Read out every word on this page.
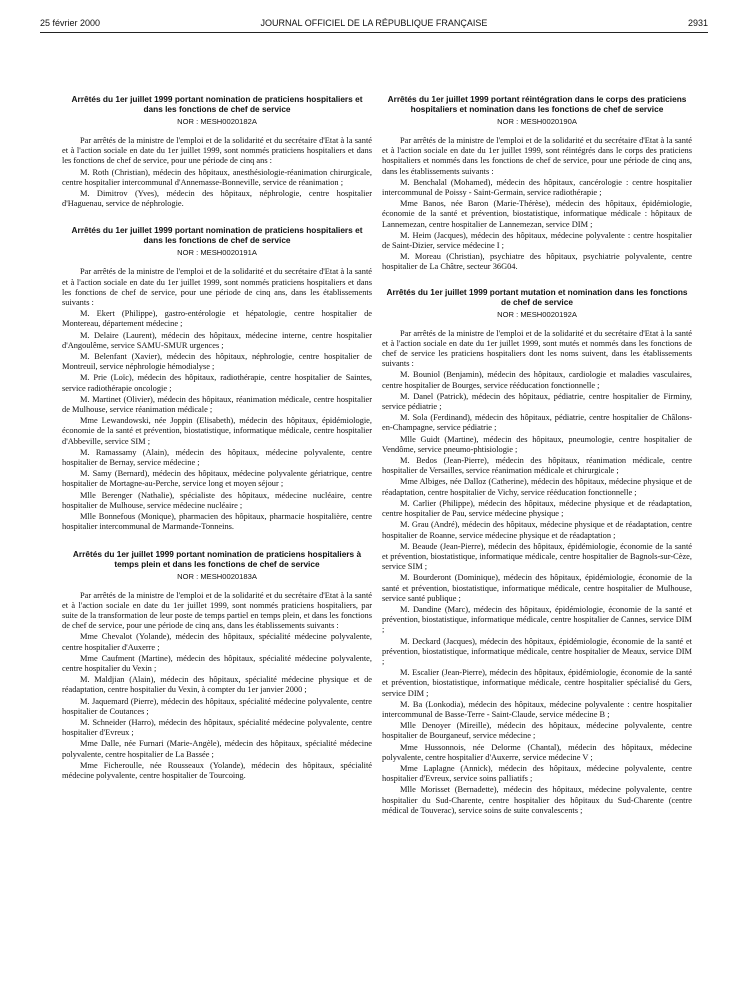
25 février 2000	JOURNAL OFFICIEL DE LA RÉPUBLIQUE FRANÇAISE	2931
Arrêtés du 1er juillet 1999 portant nomination de praticiens hospitaliers et dans les fonctions de chef de service
NOR : MESH0020182A

Par arrêtés de la ministre de l'emploi et de la solidarité et du secrétaire d'Etat à la santé et à l'action sociale en date du 1er juillet 1999, sont nommés praticiens hospitaliers et dans les fonctions de chef de service, pour une période de cinq ans :

M. Roth (Christian), médecin des hôpitaux, anesthésiologie-réanimation chirurgicale, centre hospitalier intercommunal d'Annemasse-Bonneville, service de réanimation ;

M. Dimitrov (Yves), médecin des hôpitaux, néphrologie, centre hospitalier d'Haguenau, service de néphrologie.

Arrêtés du 1er juillet 1999 portant nomination de praticiens hospitaliers et dans les fonctions de chef de service
NOR : MESH0020191A

Par arrêtés de la ministre de l'emploi et de la solidarité et du secrétaire d'Etat à la santé et à l'action sociale en date du 1er juillet 1999, sont nommés praticiens hospitaliers et dans les fonctions de chef de service, pour une période de cinq ans, dans les établissements suivants :

M. Ekert (Philippe), gastro-entérologie et hépatologie, centre hospitalier de Montereau, département médecine ;

M. Delaire (Laurent), médecin des hôpitaux, médecine interne, centre hospitalier d'Angoulême, service SAMU-SMUR urgences ;

M. Belenfant (Xavier), médecin des hôpitaux, néphrologie, centre hospitalier de Montreuil, service néphrologie hémodialyse ;

M. Prie (Loïc), médecin des hôpitaux, radiothérapie, centre hospitalier de Saintes, service radiothérapie oncologie ;

M. Martinet (Olivier), médecin des hôpitaux, réanimation médicale, centre hospitalier de Mulhouse, service réanimation médicale ;

Mme Lewandowski, née Joppin (Elisabeth), médecin des hôpitaux, épidémiologie, économie de la santé et prévention, biostatistique, informatique médicale, centre hospitalier d'Abbeville, service SIM ;

M. Ramassamy (Alain), médecin des hôpitaux, médecine polyvalente, centre hospitalier de Bernay, service médecine ;

M. Samy (Bernard), médecin des hôpitaux, médecine polyvalente gériatrique, centre hospitalier de Mortagne-au-Perche, service long et moyen séjour ;

Mlle Berenger (Nathalie), spécialiste des hôpitaux, médecine nucléaire, centre hospitalier de Mulhouse, service médecine nucléaire ;

Mlle Bonnefous (Monique), pharmacien des hôpitaux, pharmacie hospitalière, centre hospitalier intercommunal de Marmande-Tonneins.

Arrêtés du 1er juillet 1999 portant nomination de praticiens hospitaliers à temps plein et dans les fonctions de chef de service
NOR : MESH0020183A

Par arrêtés de la ministre de l'emploi et de la solidarité et du secrétaire d'Etat à la santé et à l'action sociale en date du 1er juillet 1999, sont nommés praticiens hospitaliers, par suite de la transformation de leur poste de temps partiel en temps plein, et dans les fonctions de chef de service, pour une période de cinq ans, dans les établissements suivants :

Mme Chevalot (Yolande), médecin des hôpitaux, spécialité médecine polyvalente, centre hospitalier d'Auxerre ;

Mme Caufment (Martine), médecin des hôpitaux, spécialité médecine polyvalente, centre hospitalier du Vexin ;

M. Maldjian (Alain), médecin des hôpitaux, spécialité médecine physique et de réadaptation, centre hospitalier du Vexin, à compter du 1er janvier 2000 ;

M. Jaquemard (Pierre), médecin des hôpitaux, spécialité médecine polyvalente, centre hospitalier de Coutances ;

M. Schneider (Harro), médecin des hôpitaux, spécialité médecine polyvalente, centre hospitalier d'Evreux ;

Mme Dalle, née Furnari (Marie-Angèle), médecin des hôpitaux, spécialité médecine polyvalente, centre hospitalier de La Bassée ;

Mme Ficheroulle, née Rousseaux (Yolande), médecin des hôpitaux, spécialité médecine polyvalente, centre hospitalier de Tourcoing.

Arrêtés du 1er juillet 1999 portant réintégration dans le corps des praticiens hospitaliers et nomination dans les fonctions de chef de service
NOR : MESH0020190A

Par arrêtés de la ministre de l'emploi et de la solidarité et du secrétaire d'Etat à la santé et à l'action sociale en date du 1er juillet 1999, sont réintégrés dans le corps des praticiens hospitaliers et nommés dans les fonctions de chef de service, pour une période de cinq ans, dans les établissements suivants :

M. Benchalal (Mohamed), médecin des hôpitaux, cancérologie : centre hospitalier intercommunal de Poissy - Saint-Germain, service radiothérapie ;

Mme Banos, née Baron (Marie-Thérèse), médecin des hôpitaux, épidémiologie, économie de la santé et prévention, biostatistique, informatique médicale : hôpitaux de Lannemezan, centre hospitalier de Lannemezan, service DIM ;

M. Heim (Jacques), médecin des hôpitaux, médecine polyvalente : centre hospitalier de Saint-Dizier, service médecine I ;

M. Moreau (Christian), psychiatre des hôpitaux, psychiatrie polyvalente, centre hospitalier de La Châtre, secteur 36G04.

Arrêtés du 1er juillet 1999 portant mutation et nomination dans les fonctions de chef de service
NOR : MESH0020192A

Par arrêtés de la ministre de l'emploi et de la solidarité et du secrétaire d'Etat à la santé et à l'action sociale en date du 1er juillet 1999, sont mutés et nommés dans les fonctions de chef de service les praticiens hospitaliers dont les noms suivent, dans les établissements suivants :

M. Bouniol (Benjamin), médecin des hôpitaux, cardiologie et maladies vasculaires, centre hospitalier de Bourges, service rééducation fonctionnelle ;

M. Danel (Patrick), médecin des hôpitaux, pédiatrie, centre hospitalier de Firminy, service pédiatrie ;

M. Sola (Ferdinand), médecin des hôpitaux, pédiatrie, centre hospitalier de Châlons-en-Champagne, service pédiatrie ;

Mlle Guidt (Martine), médecin des hôpitaux, pneumologie, centre hospitalier de Vendôme, service pneumo-phtisiologie ;

M. Bedos (Jean-Pierre), médecin des hôpitaux, réanimation médicale, centre hospitalier de Versailles, service réanimation médicale et chirurgicale ;

Mme Albiges, née Dalloz (Catherine), médecin des hôpitaux, médecine physique et de réadaptation, centre hospitalier de Vichy, service rééducation fonctionnelle ;

M. Carlier (Philippe), médecin des hôpitaux, médecine physique et de réadaptation, centre hospitalier de Pau, service médecine physique ;

M. Grau (André), médecin des hôpitaux, médecine physique et de réadaptation, centre hospitalier de Roanne, service médecine physique et de réadaptation ;

M. Beaude (Jean-Pierre), médecin des hôpitaux, épidémiologie, économie de la santé et prévention, biostatistique, informatique médicale, centre hospitalier de Bagnols-sur-Cèze, service SIM ;

M. Bourderont (Dominique), médecin des hôpitaux, épidémiologie, économie de la santé et prévention, biostatistique, informatique médicale, centre hospitalier de Mulhouse, service santé publique ;

M. Dandine (Marc), médecin des hôpitaux, épidémiologie, économie de la santé et prévention, biostatistique, informatique médicale, centre hospitalier de Cannes, service DIM ;

M. Deckard (Jacques), médecin des hôpitaux, épidémiologie, économie de la santé et prévention, biostatistique, informatique médicale, centre hospitalier de Meaux, service DIM ;

M. Escalier (Jean-Pierre), médecin des hôpitaux, épidémiologie, économie de la santé et prévention, biostatistique, informatique médicale, centre hospitalier spécialisé du Gers, service DIM ;

M. Ba (Lonkodia), médecin des hôpitaux, médecine polyvalente : centre hospitalier intercommunal de Basse-Terre - Saint-Claude, service médecine B ;

Mlle Denoyer (Mireille), médecin des hôpitaux, médecine polyvalente, centre hospitalier de Bourganeuf, service médecine ;

Mme Hussonnois, née Delorme (Chantal), médecin des hôpitaux, médecine polyvalente, centre hospitalier d'Auxerre, service médecine V ;

Mme Laplagne (Annick), médecin des hôpitaux, médecine polyvalente, centre hospitalier d'Evreux, service soins palliatifs ;

Mlle Morisset (Bernadette), médecin des hôpitaux, médecine polyvalente, centre hospitalier du Sud-Charente, centre hospitalier des hôpitaux du Sud-Charente (centre médical de Touverac), service soins de suite convalescents ;
